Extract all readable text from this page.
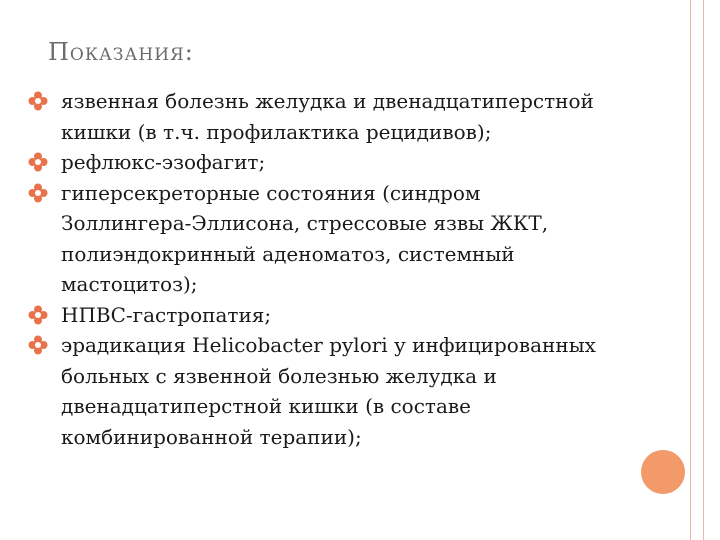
Показания:
язвенная болезнь желудка и двенадцатиперстной кишки (в т.ч. профилактика рецидивов);
рефлюкс-эзофагит;
гиперсекреторные состояния (синдром Золлингера-Эллисона, стрессовые язвы ЖКТ, полиэндокринный аденоматоз, системный мастоцитоз);
НПВС-гастропатия;
эрадикация Helicobacter pylori у инфицированных больных с язвенной болезнью желудка и двенадцатиперстной кишки (в составе комбинированной терапии);
